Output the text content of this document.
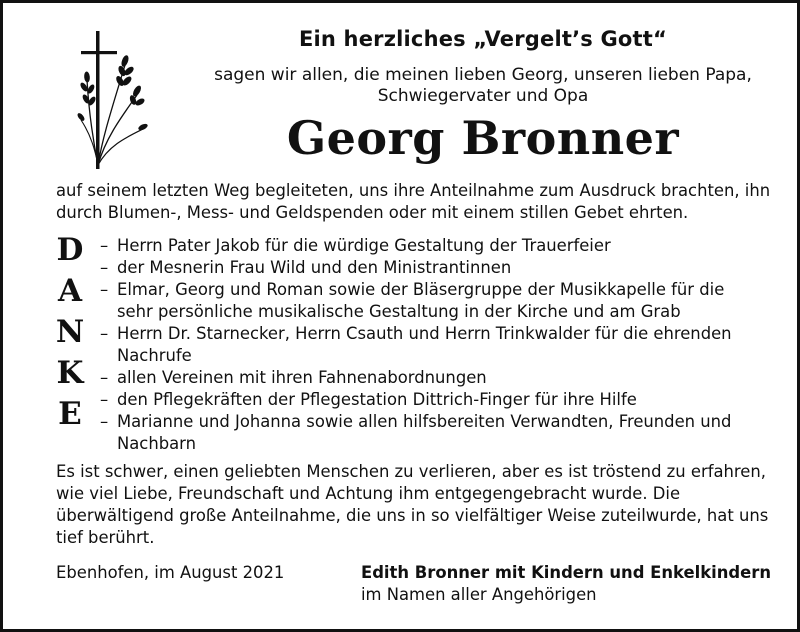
Ein herzliches „Vergelt’s Gott“
sagen wir allen, die meinen lieben Georg, unseren lieben Papa,
Schwiegervater und Opa
Georg Bronner
auf seinem letzten Weg begleiteten, uns ihre Anteilnahme zum Ausdruck brachten, ihn durch Blumen-, Mess- und Geldspenden oder mit einem stillen Gebet ehrten.
D
A
N
K
E
– Herrn Pater Jakob für die würdige Gestaltung der Trauerfeier
– der Mesnerin Frau Wild und den Ministrantinnen
– Elmar, Georg und Roman sowie der Bläsergruppe der Musikkapelle für die sehr persönliche musikalische Gestaltung in der Kirche und am Grab
– Herrn Dr. Starnecker, Herrn Csauth und Herrn Trinkwalder für die ehrenden Nachrufe
– allen Vereinen mit ihren Fahnenabordnungen
– den Pflegekräften der Pflegestation Dittrich-Finger für ihre Hilfe
– Marianne und Johanna sowie allen hilfsbereiten Verwandten, Freunden und Nachbarn
Es ist schwer, einen geliebten Menschen zu verlieren, aber es ist tröstend zu erfahren, wie viel Liebe, Freundschaft und Achtung ihm entgegengebracht wurde. Die überwältigend große Anteilnahme, die uns in so vielfältiger Weise zuteilwurde, hat uns tief berührt.
Ebenhofen, im August 2021	Edith Bronner mit Kindern und Enkelkindern
im Namen aller Angehörigen
